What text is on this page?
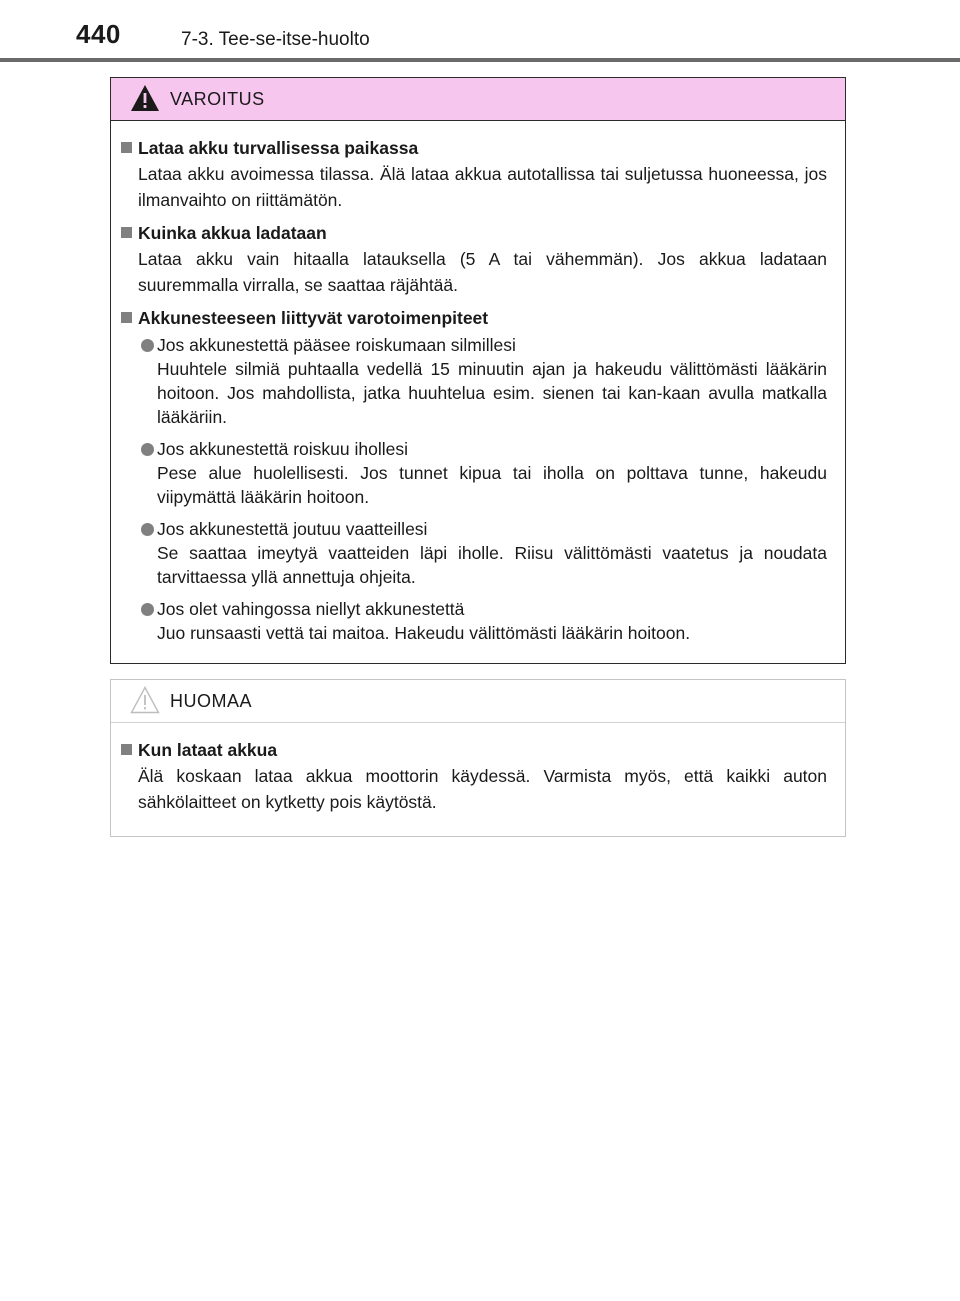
440	7-3. Tee-se-itse-huolto
VAROITUS
Lataa akku turvallisessa paikassa
Lataa akku avoimessa tilassa. Älä lataa akkua autotallissa tai suljetussa huoneessa, jos ilmanvaihto on riittämätön.
Kuinka akkua ladataan
Lataa akku vain hitaalla latauksella (5 A tai vähemmän). Jos akkua ladataan suuremmalla virralla, se saattaa räjähtää.
Akkunesteeseen liittyvät varotoimenpiteet
Jos akkunestettä pääsee roiskumaan silmillesi
Huuhtele silmiä puhtaalla vedellä 15 minuutin ajan ja hakeudu välittömästi lääkärin hoitoon. Jos mahdollista, jatka huuhtelua esim. sienen tai kan-kaan avulla matkalla lääkäriin.
Jos akkunestettä roiskuu ihollesi
Pese alue huolellisesti. Jos tunnet kipua tai iholla on polttava tunne, hakeudu viipymättä lääkärin hoitoon.
Jos akkunestettä joutuu vaatteillesi
Se saattaa imeytyä vaatteiden läpi iholle. Riisu välittömästi vaatetus ja noudata tarvittaessa yllä annettuja ohjeita.
Jos olet vahingossa niellyt akkunestettä
Juo runsaasti vettä tai maitoa. Hakeudu välittömästi lääkärin hoitoon.
HUOMAA
Kun lataat akkua
Älä koskaan lataa akkua moottorin käydessä. Varmista myös, että kaikki auton sähkölaitteet on kytketty pois käytöstä.
